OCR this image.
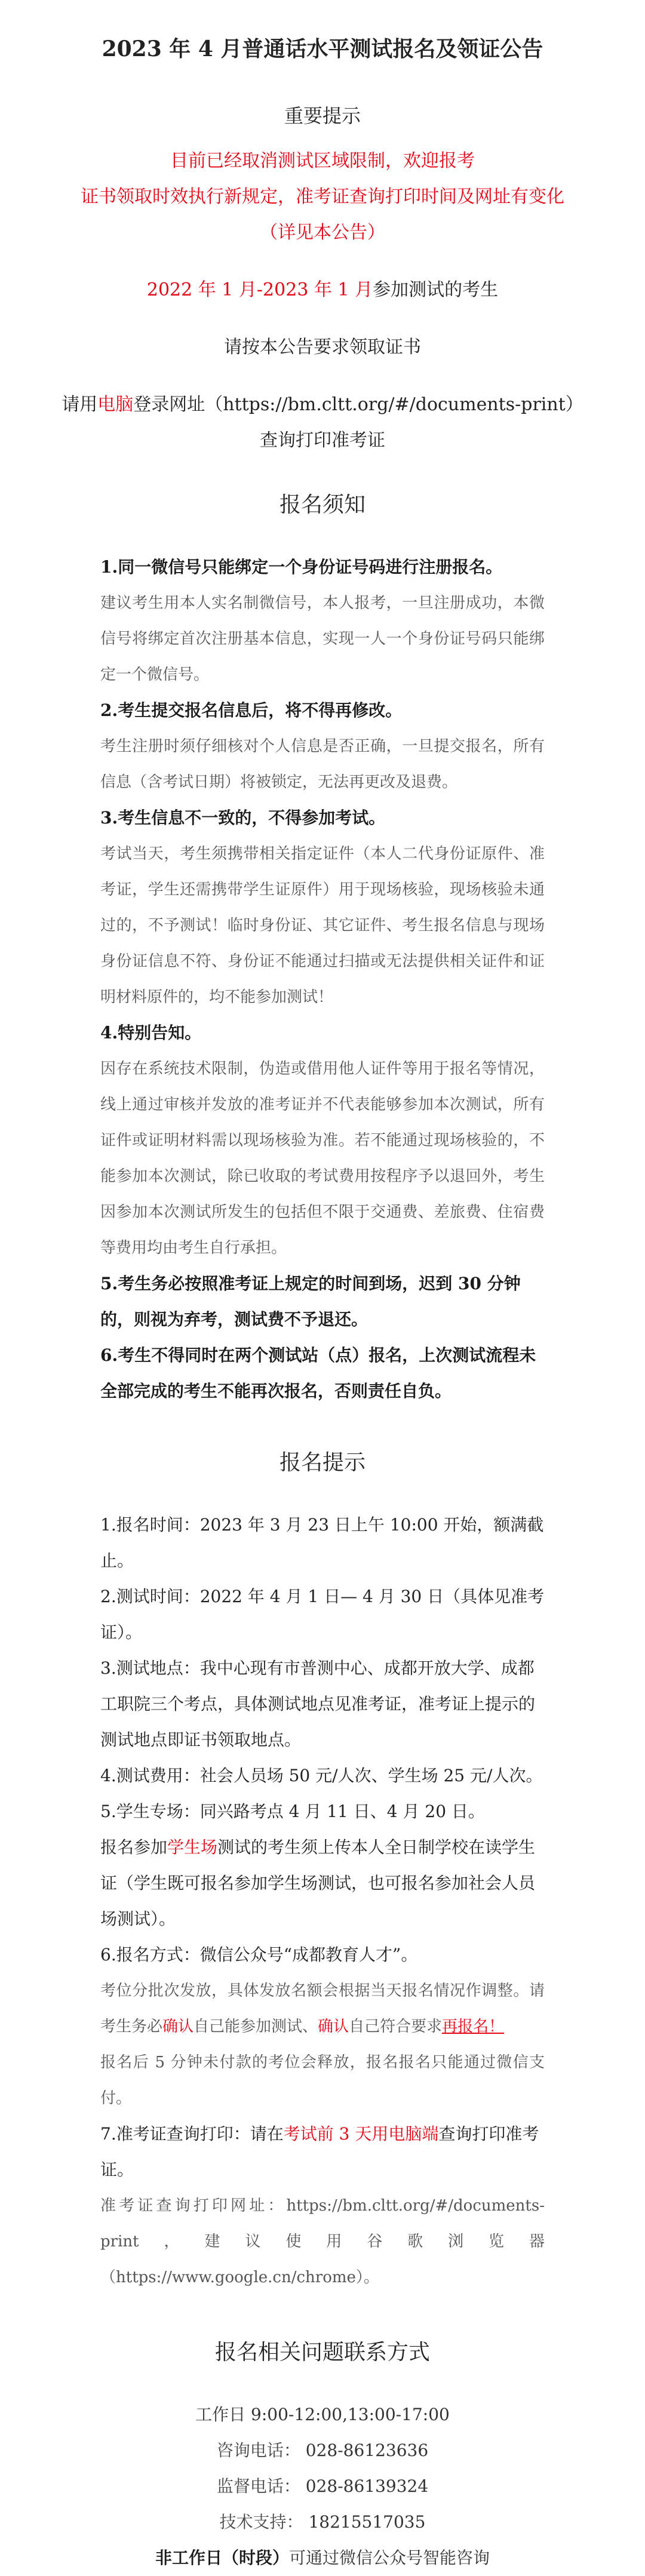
2023 年 4 月普通话水平测试报名及领证公告
重要提示
目前已经取消测试区域限制，欢迎报考
证书领取时效执行新规定，准考证查询打印时间及网址有变化
（详见本公告）
2022 年 1 月-2023 年 1 月参加测试的考生
请按本公告要求领取证书
请用电脑登录网址（https://bm.cltt.org/#/documents-print）
查询打印准考证
报名须知
1.同一微信号只能绑定一个身份证号码进行注册报名。
建议考生用本人实名制微信号，本人报考，一旦注册成功，本微信号将绑定首次注册基本信息，实现一人一个身份证号码只能绑定一个微信号。
2.考生提交报名信息后，将不得再修改。
考生注册时须仔细核对个人信息是否正确，一旦提交报名，所有信息（含考试日期）将被锁定，无法再更改及退费。
3.考生信息不一致的，不得参加考试。
考试当天，考生须携带相关指定证件（本人二代身份证原件、准考证，学生还需携带学生证原件）用于现场核验，现场核验未通过的，不予测试！临时身份证、其它证件、考生报名信息与现场身份证信息不符、身份证不能通过扫描或无法提供相关证件和证明材料原件的，均不能参加测试！
4.特别告知。
因存在系统技术限制，伪造或借用他人证件等用于报名等情况，线上通过审核并发放的准考证并不代表能够参加本次测试，所有证件或证明材料需以现场核验为准。若不能通过现场核验的，不能参加本次测试，除已收取的考试费用按程序予以退回外，考生因参加本次测试所发生的包括但不限于交通费、差旅费、住宿费等费用均由考生自行承担。
5.考生务必按照准考证上规定的时间到场，迟到 30 分钟的，则视为弃考，测试费不予退还。
6.考生不得同时在两个测试站（点）报名，上次测试流程未全部完成的考生不能再次报名，否则责任自负。
报名提示
1.报名时间：2023 年 3 月 23 日上午 10:00 开始，额满截止。
2.测试时间：2022 年 4 月 1 日— 4 月 30 日（具体见准考证）。
3.测试地点：我中心现有市普测中心、成都开放大学、成都工职院三个考点，具体测试地点见准考证，准考证上提示的测试地点即证书领取地点。
4.测试费用：社会人员场 50 元/人次、学生场 25 元/人次。
5.学生专场：同兴路考点 4 月 11 日、4 月 20 日。
报名参加学生场测试的考生须上传本人全日制学校在读学生证（学生既可报名参加学生场测试，也可报名参加社会人员场测试）。
6.报名方式：微信公众号“成都教育人才”。
考位分批次发放，具体发放名额会根据当天报名情况作调整。请考生务必确认自己能参加测试、确认自己符合要求再报名！
报名后 5 分钟未付款的考位会释放，报名报名只能通过微信支付。
7.准考证查询打印：请在考试前 3 天用电脑端查询打印准考证。
准考证查询打印网址：https://bm.cltt.org/#/documents-print，建议使用谷歌浏览器（https://www.google.cn/chrome）。
报名相关问题联系方式
工作日 9:00-12:00,13:00-17:00
咨询电话： 028-86123636
监督电话： 028-86139324
技术支持： 18215517035
非工作日（时段）可通过微信公众号智能咨询
